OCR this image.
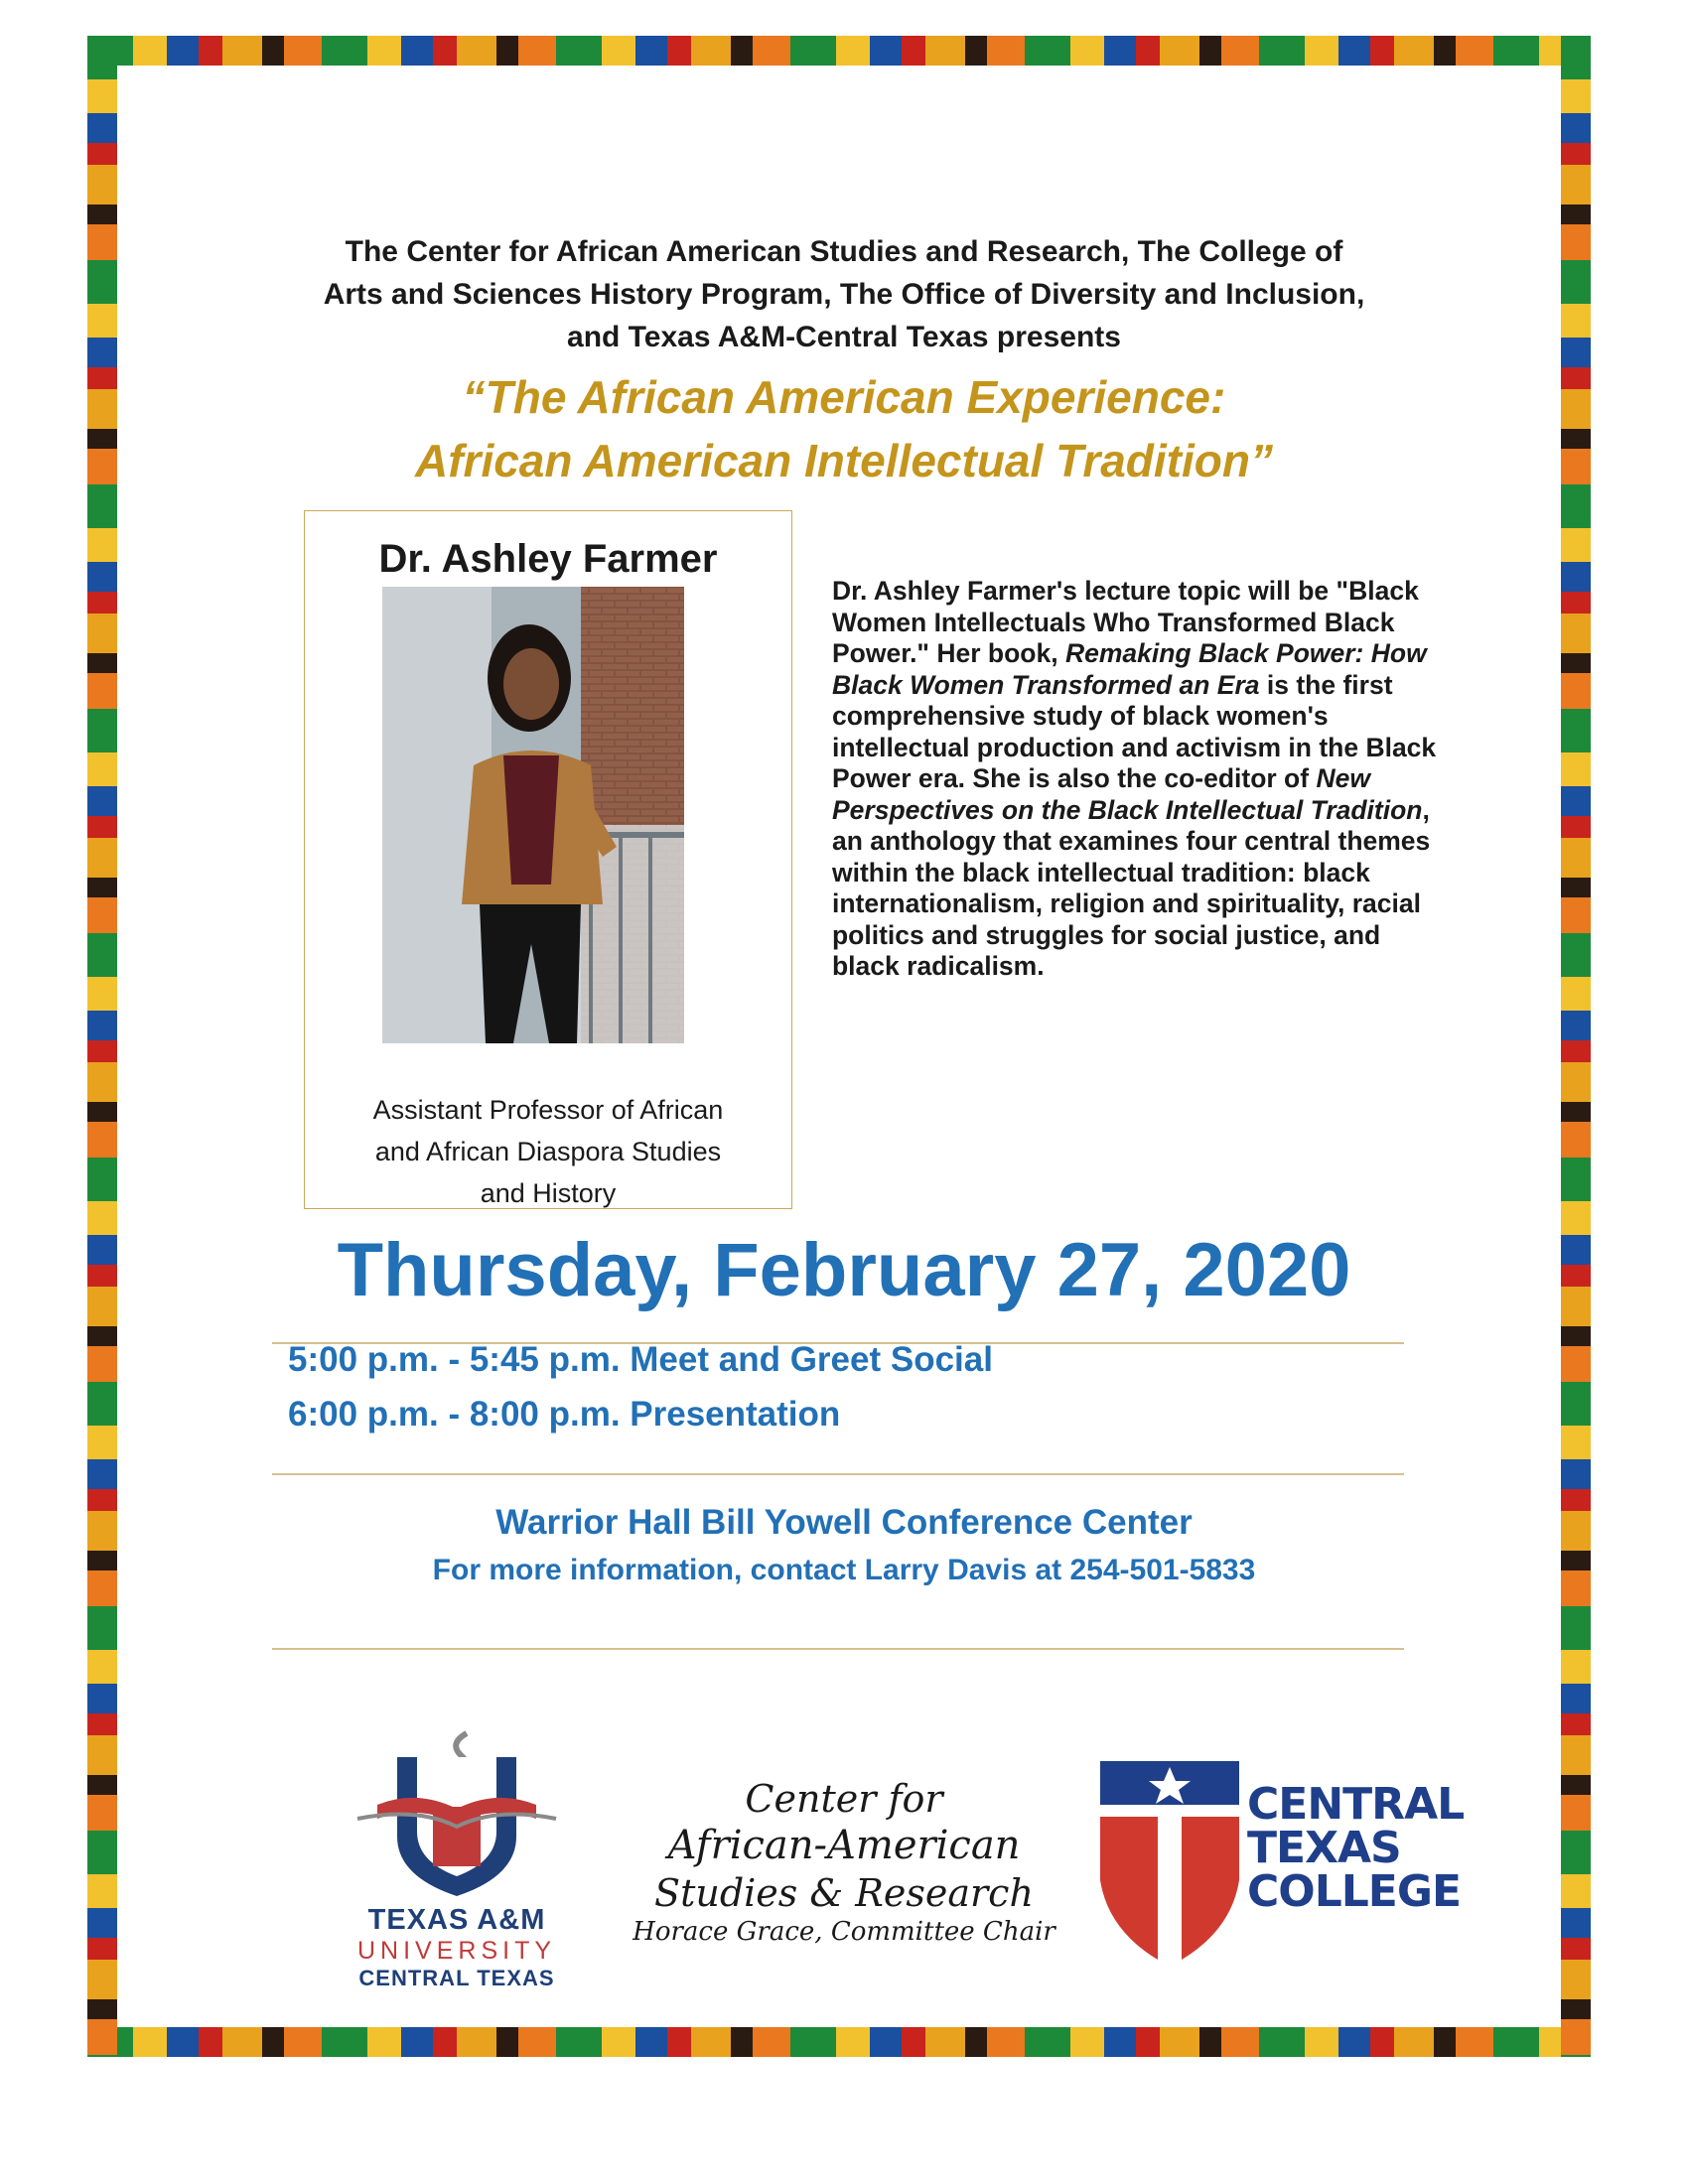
The Center for African American Studies and Research, The College of
Arts and Sciences History Program, The Office of Diversity and Inclusion,
and Texas A&M-Central Texas presents
“The African American Experience:
African American Intellectual Tradition”
Dr. Ashley Farmer
Assistant Professor of African
and African Diaspora Studies
and History
Dr. Ashley Farmer's lecture topic will be "Black Women Intellectuals Who Transformed Black Power." Her book, Remaking Black Power: How Black Women Transformed an Era is the first comprehensive study of black women's intellectual production and activism in the Black Power era. She is also the co-editor of New Perspectives on the Black Intellectual Tradition, an anthology that examines four central themes within the black intellectual tradition: black internationalism, religion and spirituality, racial politics and struggles for social justice, and black radicalism.
Thursday, February 27, 2020
5:00 p.m. - 5:45 p.m. Meet and Greet Social
6:00 p.m. - 8:00 p.m. Presentation
Warrior Hall Bill Yowell Conference Center
For more information, contact Larry Davis at 254-501-5833
TEXAS A&M
UNIVERSITY
CENTRAL TEXAS
Center for
African-American
Studies & Research
Horace Grace, Committee Chair
CENTRAL
TEXAS
COLLEGE
